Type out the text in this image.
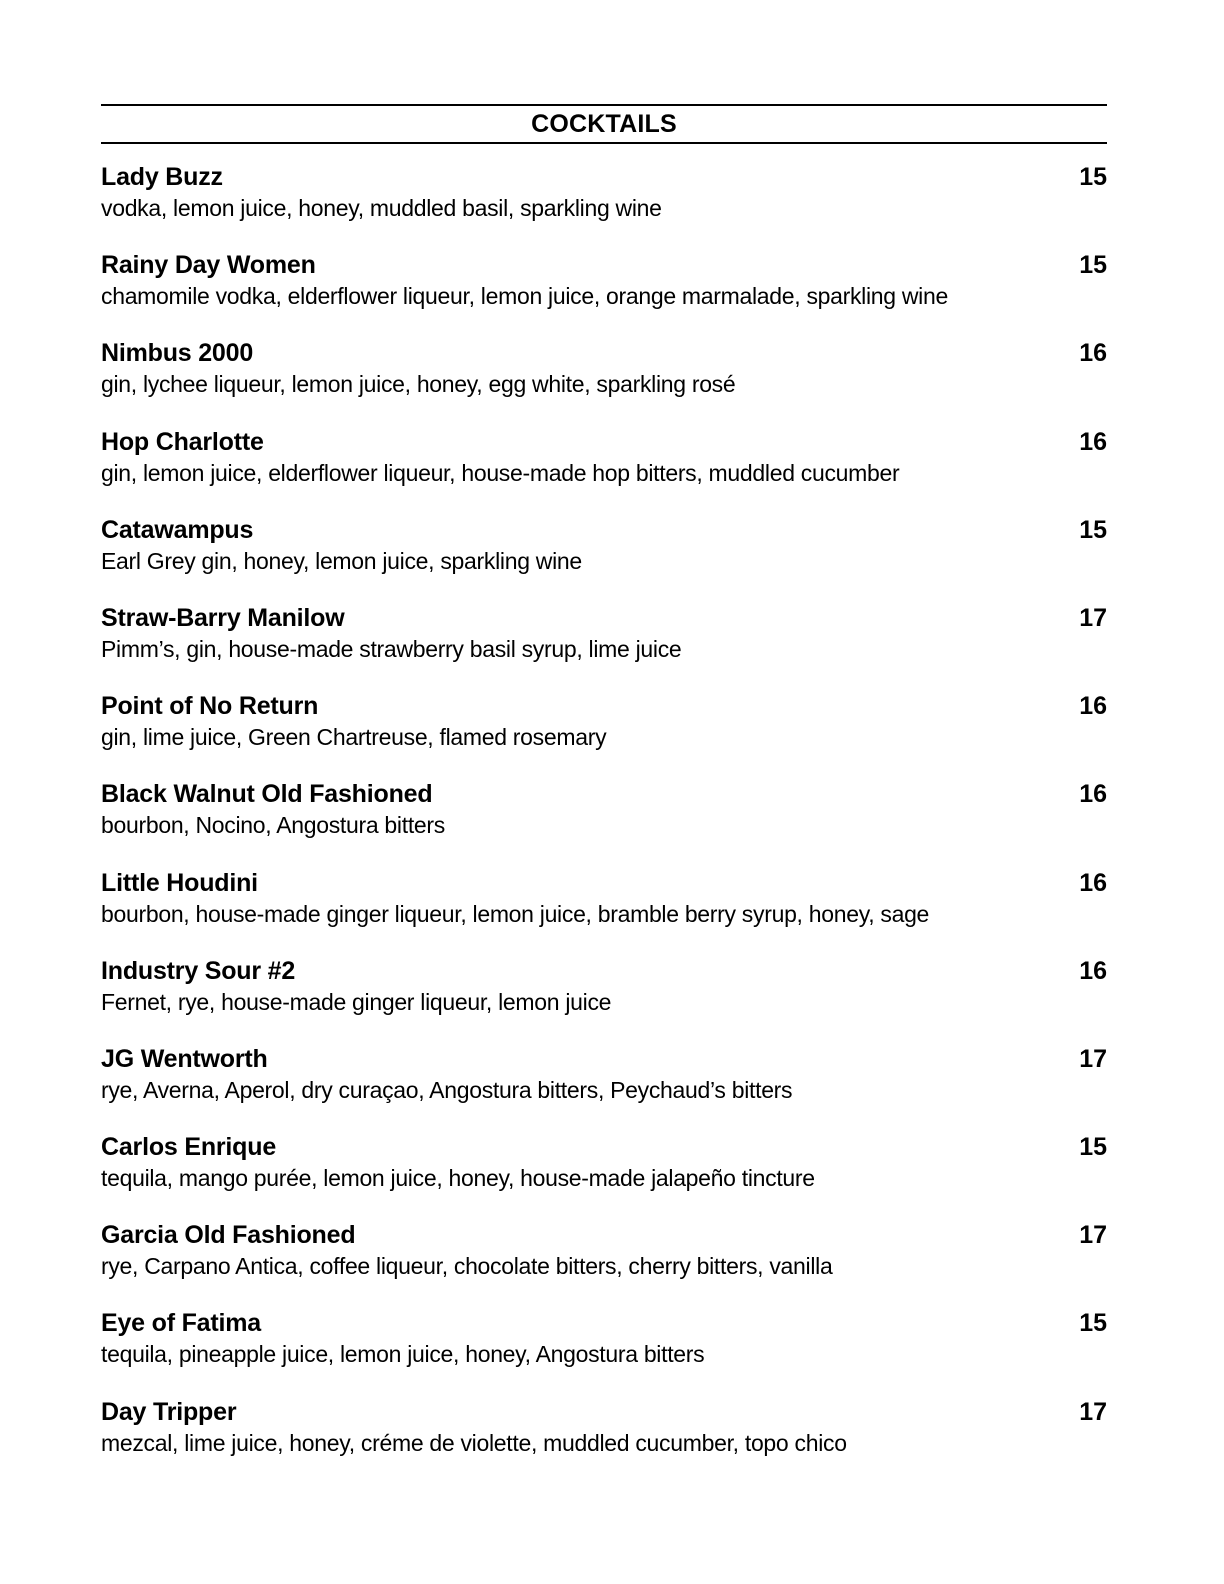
COCKTAILS
Lady Buzz	15
vodka, lemon juice, honey, muddled basil, sparkling wine
Rainy Day Women	15
chamomile vodka, elderflower liqueur, lemon juice, orange marmalade, sparkling wine
Nimbus 2000	16
gin, lychee liqueur, lemon juice, honey, egg white, sparkling rosé
Hop Charlotte	16
gin, lemon juice, elderflower liqueur, house-made hop bitters, muddled cucumber
Catawampus	15
Earl Grey gin, honey, lemon juice, sparkling wine
Straw-Barry Manilow	17
Pimm’s, gin, house-made strawberry basil syrup, lime juice
Point of No Return	16
gin, lime juice, Green Chartreuse, flamed rosemary
Black Walnut Old Fashioned	16
bourbon, Nocino, Angostura bitters
Little Houdini	16
bourbon, house-made ginger liqueur, lemon juice, bramble berry syrup, honey, sage
Industry Sour #2	16
Fernet, rye, house-made ginger liqueur, lemon juice
JG Wentworth	17
rye, Averna, Aperol, dry curaçao, Angostura bitters, Peychaud’s bitters
Carlos Enrique	15
tequila, mango purée, lemon juice, honey, house-made jalapeño tincture
Garcia Old Fashioned	17
rye, Carpano Antica, coffee liqueur, chocolate bitters, cherry bitters, vanilla
Eye of Fatima	15
tequila, pineapple juice, lemon juice, honey, Angostura bitters
Day Tripper	17
mezcal, lime juice, honey, créme de violette, muddled cucumber, topo chico
